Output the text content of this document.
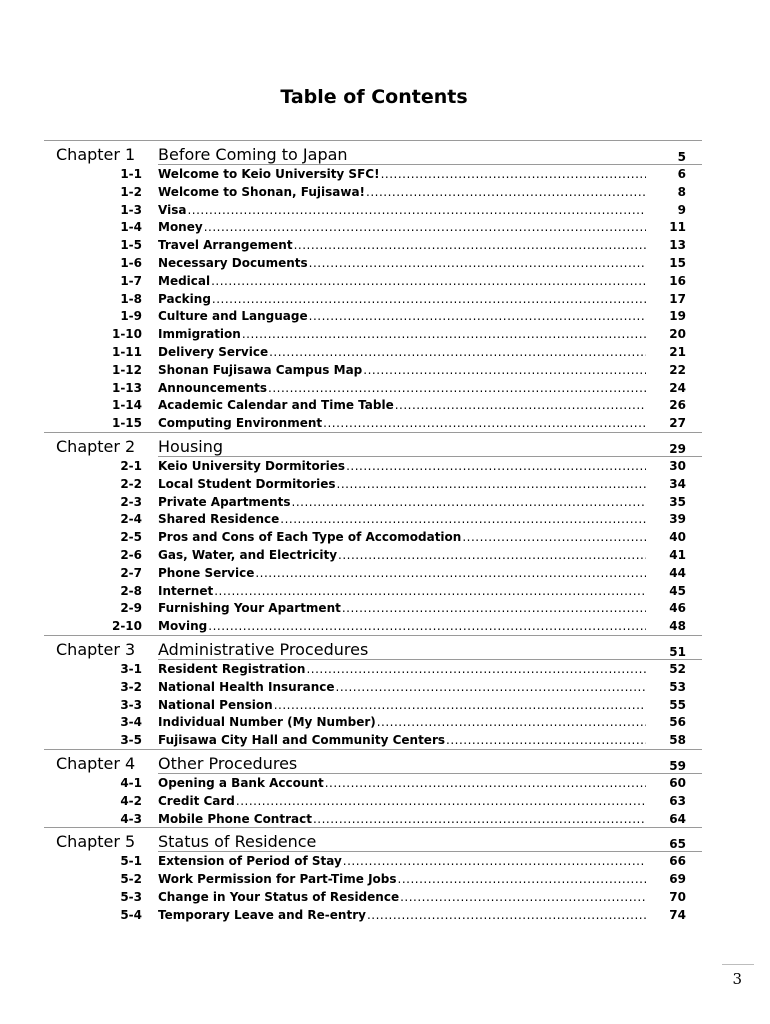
Table of Contents
Chapter 1 Before Coming to Japan	5
1-1 Welcome to Keio University SFC! .....	6
1-2 Welcome to Shonan, Fujisawa! .....	8
1-3 Visa .....	9
1-4 Money .....	11
1-5 Travel Arrangement .....	13
1-6 Necessary Documents .....	15
1-7 Medical .....	16
1-8 Packing .....	17
1-9 Culture and Language .....	19
1-10 Immigration .....	20
1-11 Delivery Service .....	21
1-12 Shonan Fujisawa Campus Map .....	22
1-13 Announcements .....	24
1-14 Academic Calendar and Time Table .....	26
1-15 Computing Environment .....	27
Chapter 2 Housing	29
2-1 Keio University Dormitories .....	30
2-2 Local Student Dormitories .....	34
2-3 Private Apartments .....	35
2-4 Shared Residence .....	39
2-5 Pros and Cons of Each Type of Accomodation .....	40
2-6 Gas, Water, and Electricity .....	41
2-7 Phone Service .....	44
2-8 Internet .....	45
2-9 Furnishing Your Apartment .....	46
2-10 Moving .....	48
Chapter 3 Administrative Procedures	51
3-1 Resident Registration .....	52
3-2 National Health Insurance .....	53
3-3 National Pension .....	55
3-4 Individual Number (My Number) .....	56
3-5 Fujisawa City Hall and Community Centers .....	58
Chapter 4 Other Procedures	59
4-1 Opening a Bank Account .....	60
4-2 Credit Card .....	63
4-3 Mobile Phone Contract .....	64
Chapter 5 Status of Residence	65
5-1 Extension of Period of Stay .....	66
5-2 Work Permission for Part-Time Jobs .....	69
5-3 Change in Your Status of Residence .....	70
5-4 Temporary Leave and Re-entry .....	74
3
